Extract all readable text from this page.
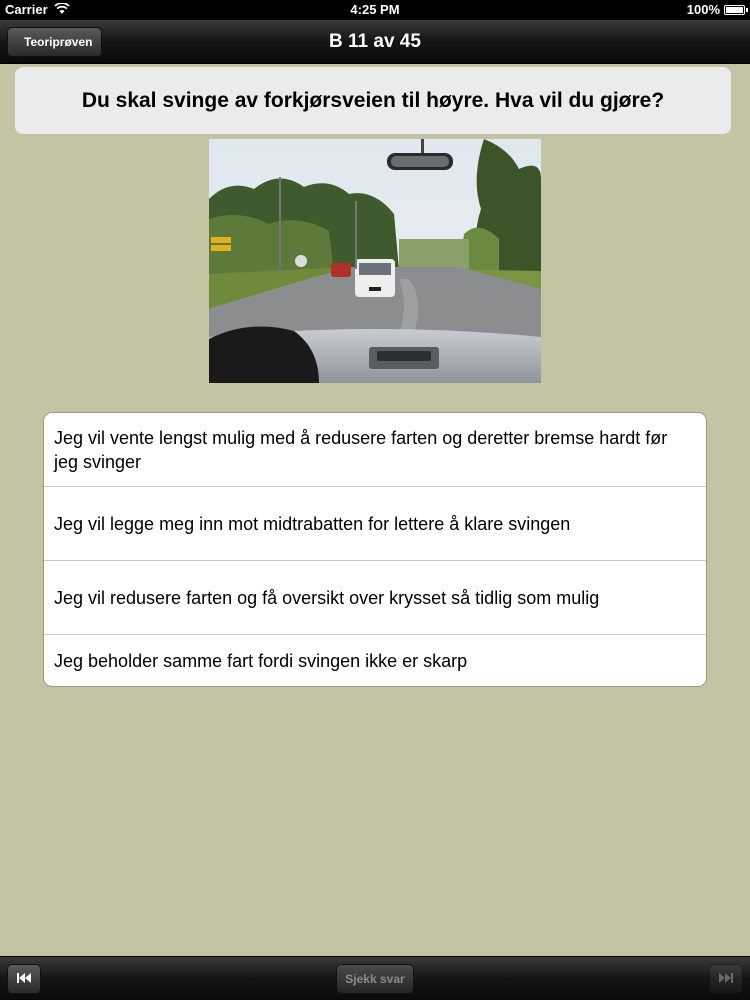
Carrier	4:25 PM	100%
B 11 av 45
Teoriprøven
Du skal svinge av forkjørsveien til høyre. Hva vil du gjøre?
Jeg vil vente lengst mulig med å redusere farten og deretter bremse hardt før jeg svinger
Jeg vil legge meg inn mot midtrabatten for lettere å klare svingen
Jeg vil redusere farten og få oversikt over krysset så tidlig som mulig
Jeg beholder samme fart fordi svingen ikke er skarp
Sjekk svar
